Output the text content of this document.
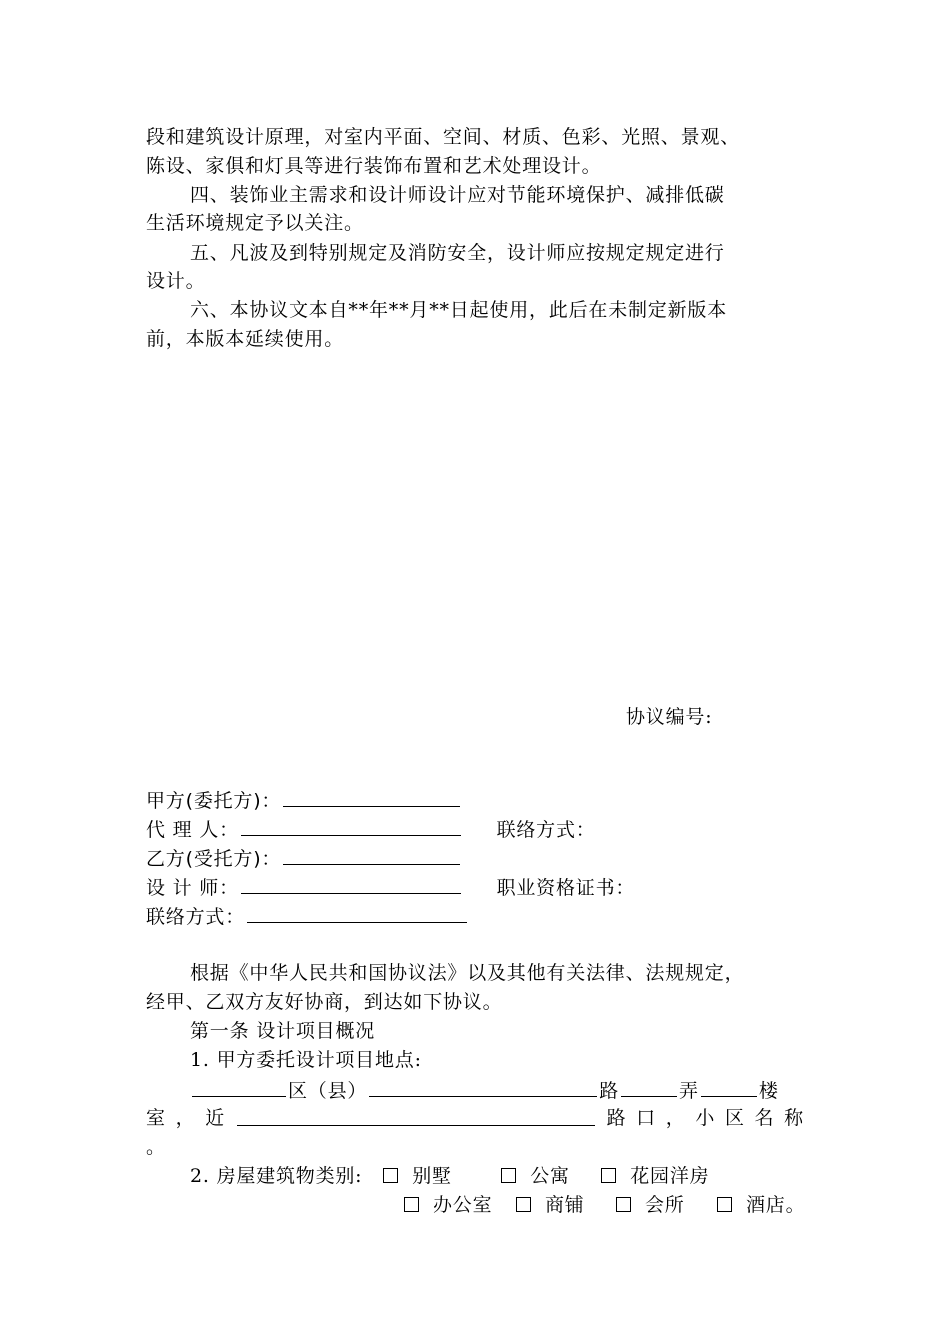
段和建筑设计原理，对室内平面、空间、材质、色彩、光照、景观、
陈设、家俱和灯具等进行装饰布置和艺术处理设计。
四、装饰业主需求和设计师设计应对节能环境保护、减排低碳
生活环境规定予以关注。
五、凡波及到特别规定及消防安全，设计师应按规定规定进行
设计。
六、本协议文本自**年**月**日起使用，此后在未制定新版本
前，本版本延续使用。
协议编号:
甲方(委托方)：
代 理 人：	联络方式：
乙方(受托方)：
设 计 师：	职业资格证书：
联络方式：
根据《中华人民共和国协议法》以及其他有关法律、法规规定，
经甲、乙双方友好协商，到达如下协议。
第一条 设计项目概况
1. 甲方委托设计项目地点:
区（县）	路	弄	楼
室 ， 近	路 口 ， 小 区 名 称
。
2. 房屋建筑物类别:	别墅	公寓	花园洋房
办公室	商铺	会所	酒店。
